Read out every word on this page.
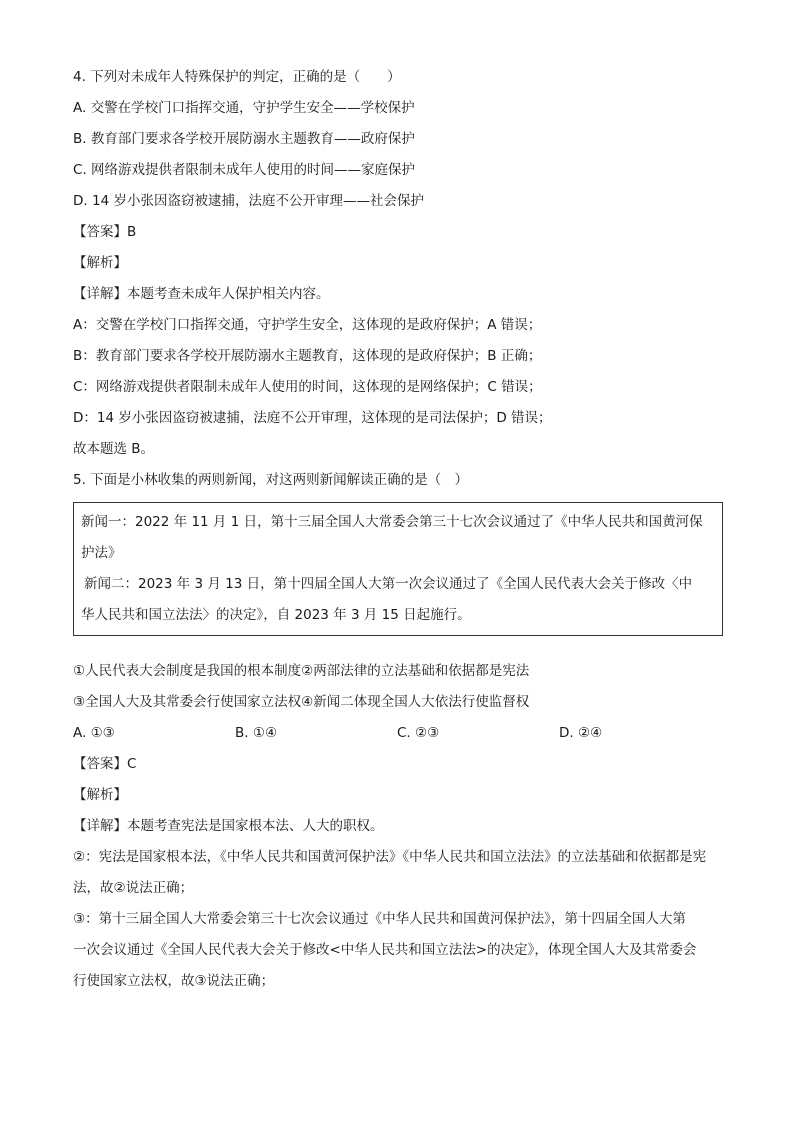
4. 下列对未成年人特殊保护的判定，正确的是（　　）
A. 交警在学校门口指挥交通，守护学生安全——学校保护
B. 教育部门要求各学校开展防溺水主题教育——政府保护
C. 网络游戏提供者限制未成年人使用的时间——家庭保护
D. 14 岁小张因盗窃被逮捕，法庭不公开审理——社会保护
【答案】B
【解析】
【详解】本题考查未成年人保护相关内容。
A：交警在学校门口指挥交通，守护学生安全，这体现的是政府保护；A 错误；
B：教育部门要求各学校开展防溺水主题教育，这体现的是政府保护；B 正确；
C：网络游戏提供者限制未成年人使用的时间，这体现的是网络保护；C 错误；
D：14 岁小张因盗窃被逮捕，法庭不公开审理，这体现的是司法保护；D 错误；
故本题选 B。
5. 下面是小林收集的两则新闻，对这两则新闻解读正确的是（　）
新闻一：2022 年 11 月 1 日，第十三届全国人大常委会第三十七次会议通过了《中华人民共和国黄河保
护法》
新闻二：2023 年 3 月 13 日，第十四届全国人大第一次会议通过了《全国人民代表大会关于修改〈中
华人民共和国立法法〉的决定》，自 2023 年 3 月 15 日起施行。
①人民代表大会制度是我国的根本制度②两部法律的立法基础和依据都是宪法
③全国人大及其常委会行使国家立法权④新闻二体现全国人大依法行使监督权
A. ①③	B. ①④	C. ②③	D. ②④
【答案】C
【解析】
【详解】本题考查宪法是国家根本法、人大的职权。
②：宪法是国家根本法，《中华人民共和国黄河保护法》《中华人民共和国立法法》的立法基础和依据都是宪
法，故②说法正确；
③：第十三届全国人大常委会第三十七次会议通过《中华人民共和国黄河保护法》，第十四届全国人大第
一次会议通过《全国人民代表大会关于修改<中华人民共和国立法法>的决定》，体现全国人大及其常委会
行使国家立法权，故③说法正确；
